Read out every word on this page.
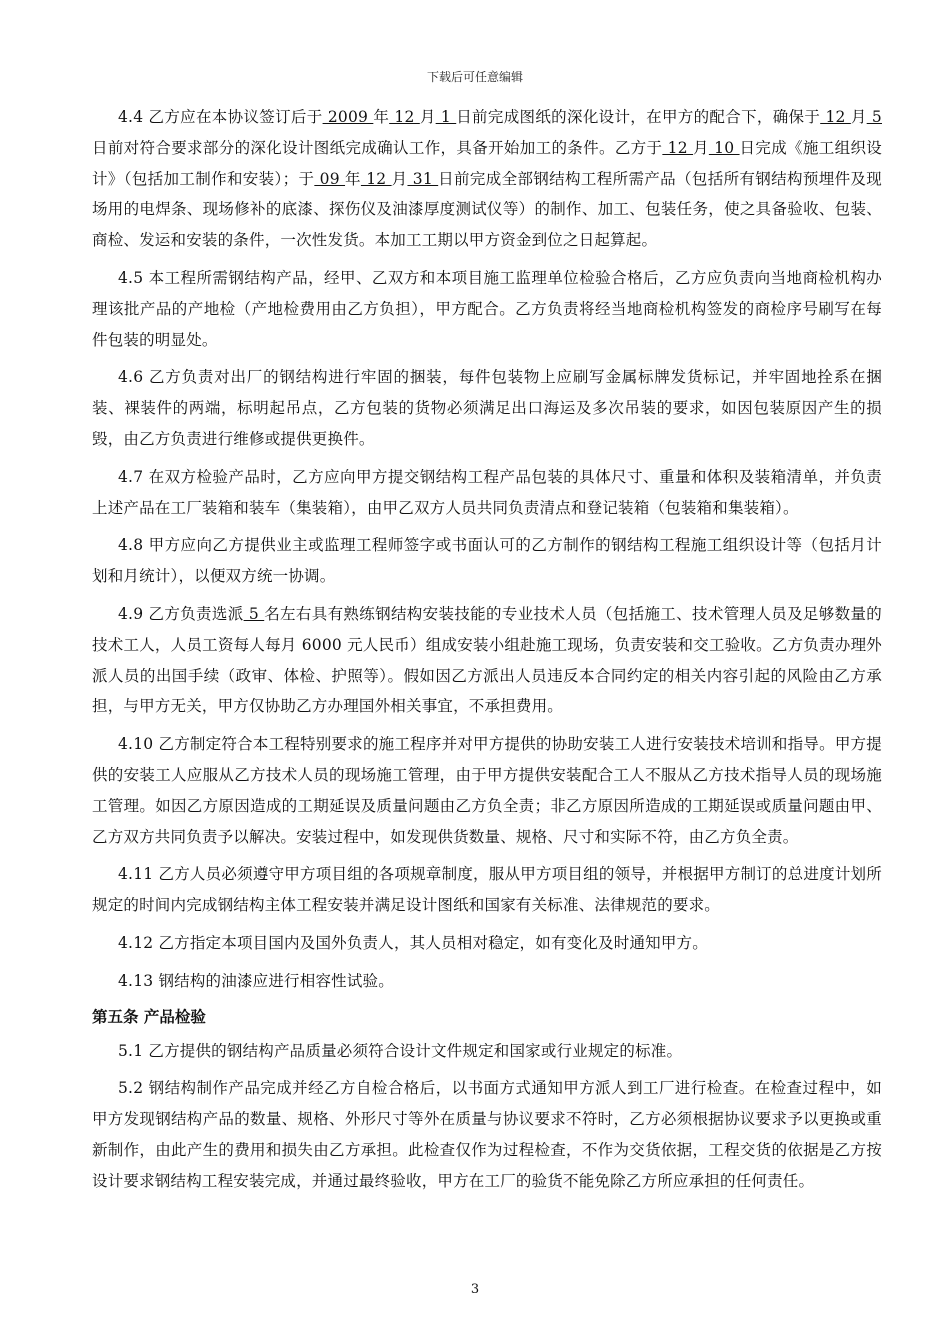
下载后可任意编辑

4.4 乙方应在本协议签订后于 2009 年 12 月 1 日前完成图纸的深化设计，在甲方的配合下，确保于 12 月 5 日前对符合要求部分的深化设计图纸完成确认工作，具备开始加工的条件。乙方于 12 月 10 日完成《施工组织设计》（包括加工制作和安装）；于 09 年 12 月 31 日前完成全部钢结构工程所需产品（包括所有钢结构预埋件及现场用的电焊条、现场修补的底漆、探伤仪及油漆厚度测试仪等）的制作、加工、包装任务，使之具备验收、包装、商检、发运和安装的条件，一次性发货。本加工工期以甲方资金到位之日起算起。

4.5 本工程所需钢结构产品，经甲、乙双方和本项目施工监理单位检验合格后，乙方应负责向当地商检机构办理该批产品的产地检（产地检费用由乙方负担），甲方配合。乙方负责将经当地商检机构签发的商检序号刷写在每件包装的明显处。

4.6 乙方负责对出厂的钢结构进行牢固的捆装，每件包装物上应刷写金属标牌发货标记，并牢固地拴系在捆装、裸装件的两端，标明起吊点，乙方包装的货物必须满足出口海运及多次吊装的要求，如因包装原因产生的损毁，由乙方负责进行维修或提供更换件。

4.7 在双方检验产品时，乙方应向甲方提交钢结构工程产品包装的具体尺寸、重量和体积及装箱清单，并负责上述产品在工厂装箱和装车（集装箱），由甲乙双方人员共同负责清点和登记装箱（包装箱和集装箱）。

4.8 甲方应向乙方提供业主或监理工程师签字或书面认可的乙方制作的钢结构工程施工组织设计等（包括月计划和月统计），以便双方统一协调。

4.9 乙方负责选派 5 名左右具有熟练钢结构安装技能的专业技术人员（包括施工、技术管理人员及足够数量的技术工人，人员工资每人每月 6000 元人民币）组成安装小组赴施工现场，负责安装和交工验收。乙方负责办理外派人员的出国手续（政审、体检、护照等）。假如因乙方派出人员违反本合同约定的相关内容引起的风险由乙方承担，与甲方无关，甲方仅协助乙方办理国外相关事宜，不承担费用。

4.10 乙方制定符合本工程特别要求的施工程序并对甲方提供的协助安装工人进行安装技术培训和指导。甲方提供的安装工人应服从乙方技术人员的现场施工管理，由于甲方提供安装配合工人不服从乙方技术指导人员的现场施工管理。如因乙方原因造成的工期延误及质量问题由乙方负全责；非乙方原因所造成的工期延误或质量问题由甲、乙方双方共同负责予以解决。安装过程中，如发现供货数量、规格、尺寸和实际不符，由乙方负全责。

4.11 乙方人员必须遵守甲方项目组的各项规章制度，服从甲方项目组的领导，并根据甲方制订的总进度计划所规定的时间内完成钢结构主体工程安装并满足设计图纸和国家有关标准、法律规范的要求。

4.12 乙方指定本项目国内及国外负责人，其人员相对稳定，如有变化及时通知甲方。

4.13 钢结构的油漆应进行相容性试验。

第五条 产品检验

5.1 乙方提供的钢结构产品质量必须符合设计文件规定和国家或行业规定的标准。

5.2 钢结构制作产品完成并经乙方自检合格后，以书面方式通知甲方派人到工厂进行检查。在检查过程中，如甲方发现钢结构产品的数量、规格、外形尺寸等外在质量与协议要求不符时，乙方必须根据协议要求予以更换或重新制作，由此产生的费用和损失由乙方承担。此检查仅作为过程检查，不作为交货依据，工程交货的依据是乙方按设计要求钢结构工程安装完成，并通过最终验收，甲方在工厂的验货不能免除乙方所应承担的任何责任。

3
